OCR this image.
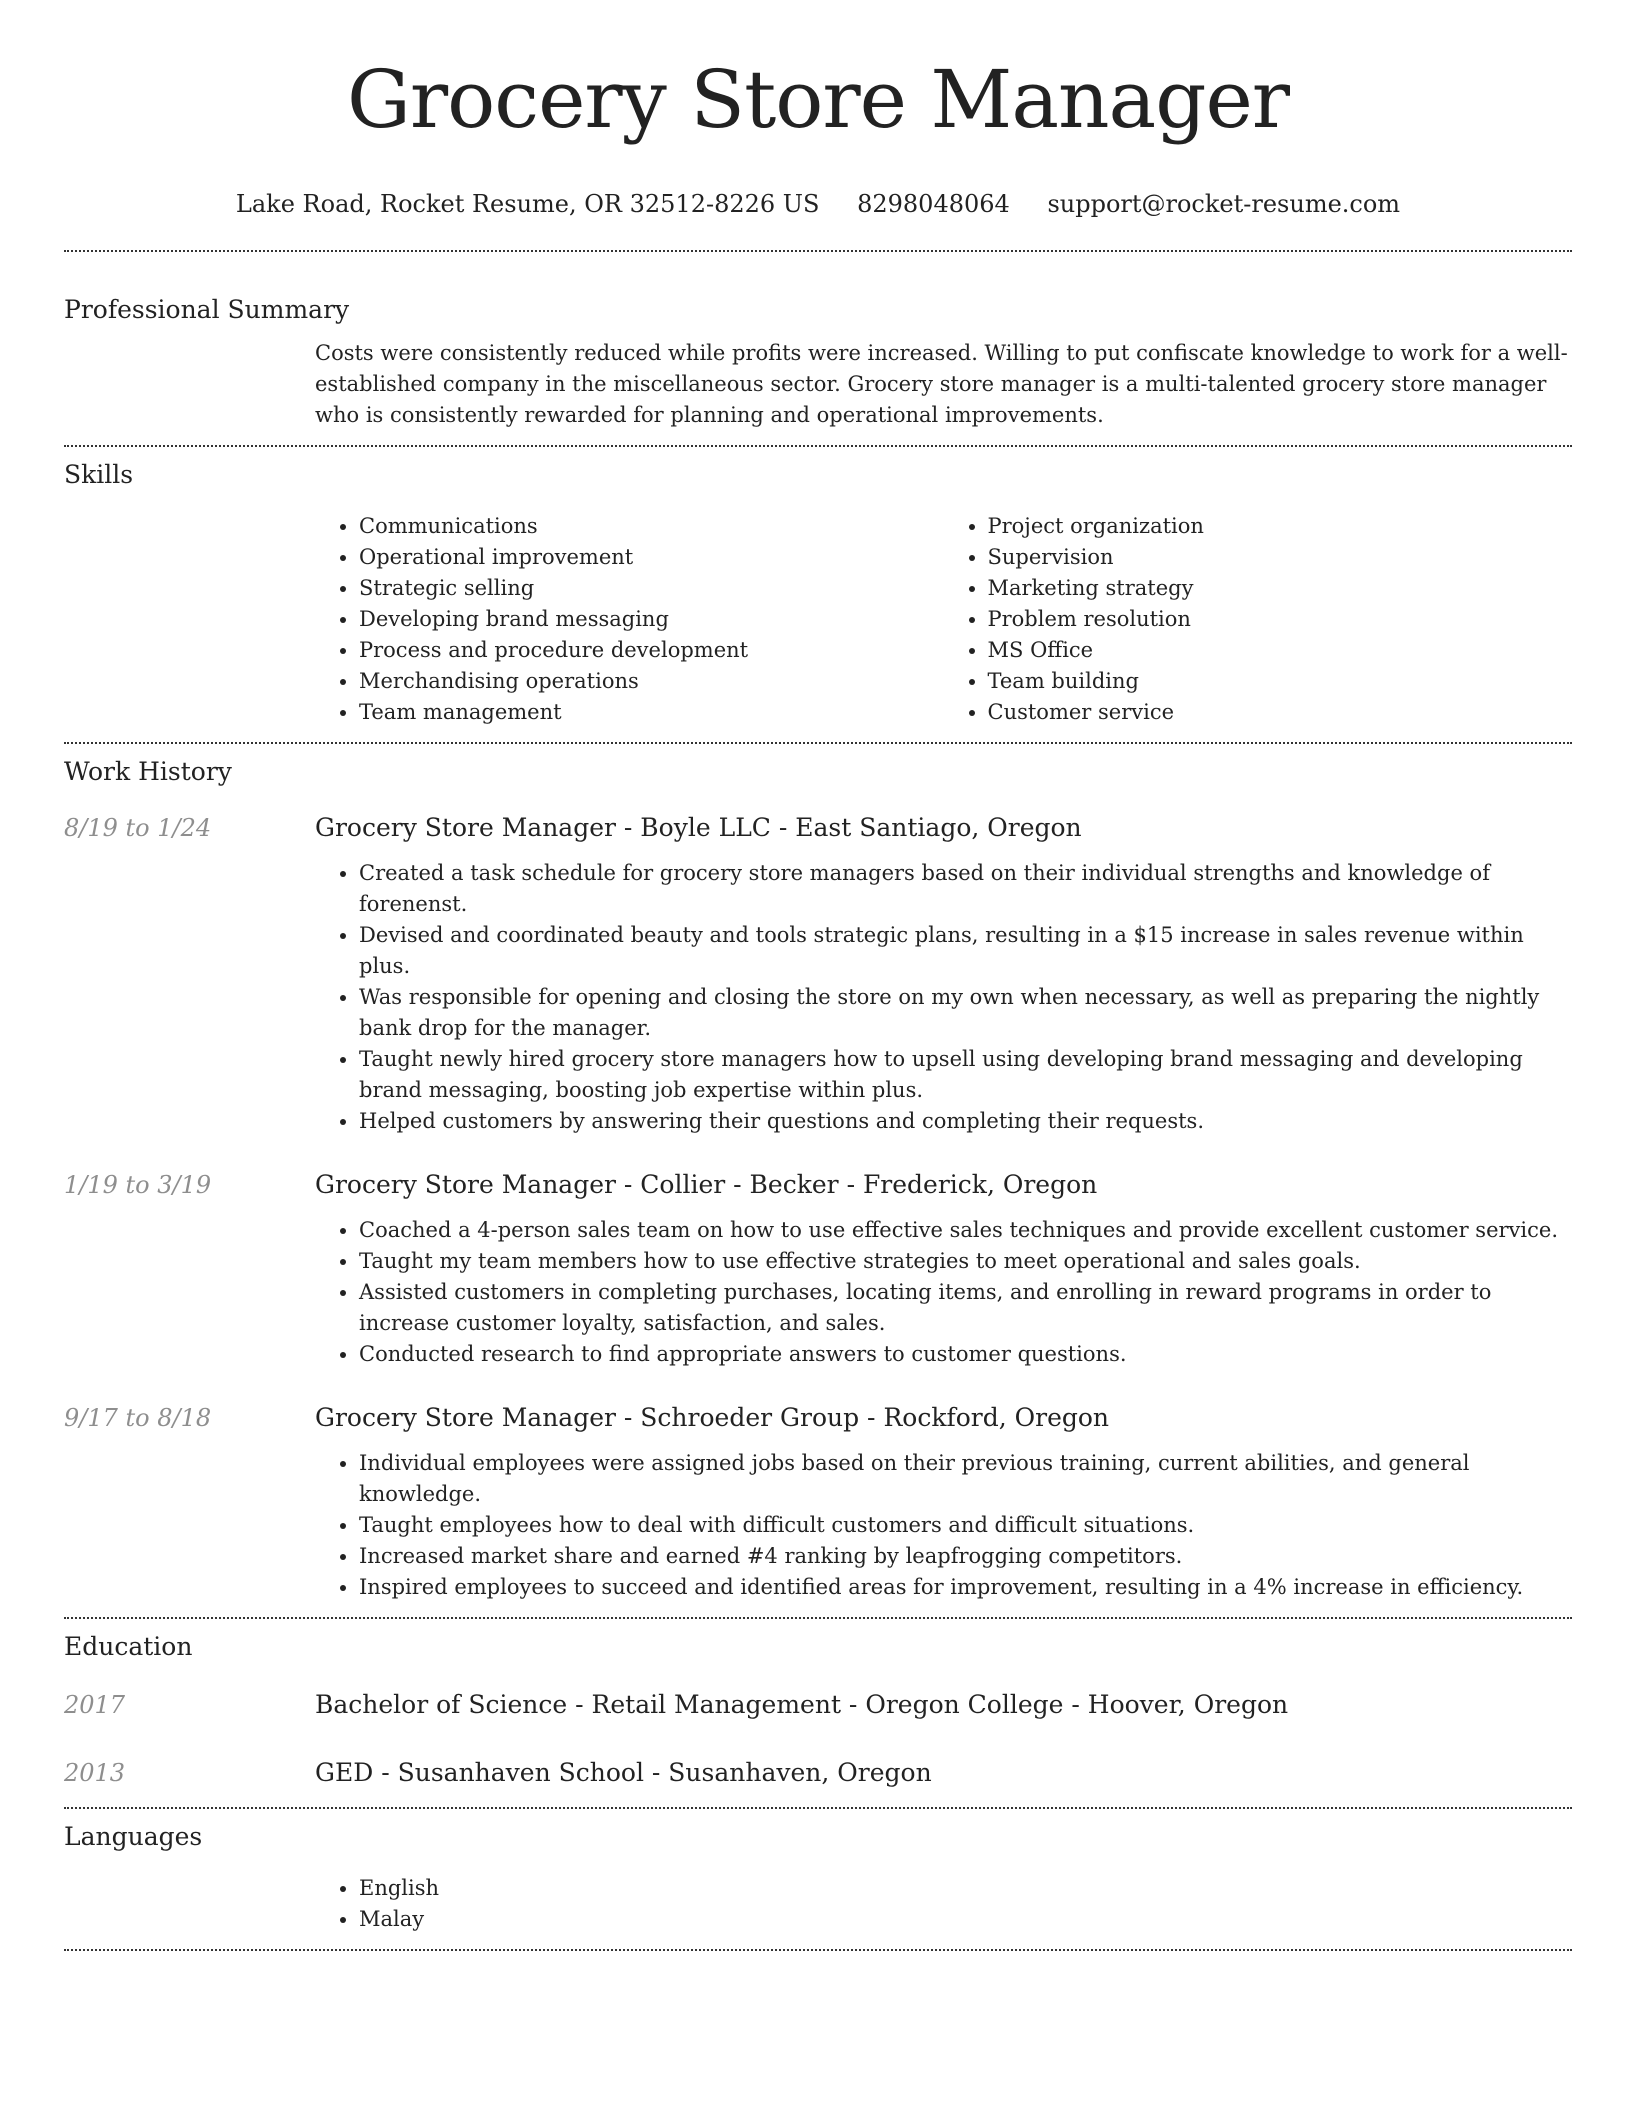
Grocery Store Manager
Lake Road, Rocket Resume, OR 32512-8226 US 8298048064 support@rocket-resume.com
Professional Summary
Costs were consistently reduced while profits were increased. Willing to put confiscate knowledge to work for a well-established company in the miscellaneous sector. Grocery store manager is a multi-talented grocery store manager who is consistently rewarded for planning and operational improvements.
Skills
• Communications
• Operational improvement
• Strategic selling
• Developing brand messaging
• Process and procedure development
• Merchandising operations
• Team management
• Project organization
• Supervision
• Marketing strategy
• Problem resolution
• MS Office
• Team building
• Customer service
Work History
8/19 to 1/24	Grocery Store Manager - Boyle LLC - East Santiago, Oregon
• Created a task schedule for grocery store managers based on their individual strengths and knowledge of forenenst.
• Devised and coordinated beauty and tools strategic plans, resulting in a $15 increase in sales revenue within plus.
• Was responsible for opening and closing the store on my own when necessary, as well as preparing the nightly bank drop for the manager.
• Taught newly hired grocery store managers how to upsell using developing brand messaging and developing brand messaging, boosting job expertise within plus.
• Helped customers by answering their questions and completing their requests.
1/19 to 3/19	Grocery Store Manager - Collier - Becker - Frederick, Oregon
• Coached a 4-person sales team on how to use effective sales techniques and provide excellent customer service.
• Taught my team members how to use effective strategies to meet operational and sales goals.
• Assisted customers in completing purchases, locating items, and enrolling in reward programs in order to increase customer loyalty, satisfaction, and sales.
• Conducted research to find appropriate answers to customer questions.
9/17 to 8/18	Grocery Store Manager - Schroeder Group - Rockford, Oregon
• Individual employees were assigned jobs based on their previous training, current abilities, and general knowledge.
• Taught employees how to deal with difficult customers and difficult situations.
• Increased market share and earned #4 ranking by leapfrogging competitors.
• Inspired employees to succeed and identified areas for improvement, resulting in a 4% increase in efficiency.
Education
2017	Bachelor of Science - Retail Management - Oregon College - Hoover, Oregon
2013	GED - Susanhaven School - Susanhaven, Oregon
Languages
• English
• Malay
